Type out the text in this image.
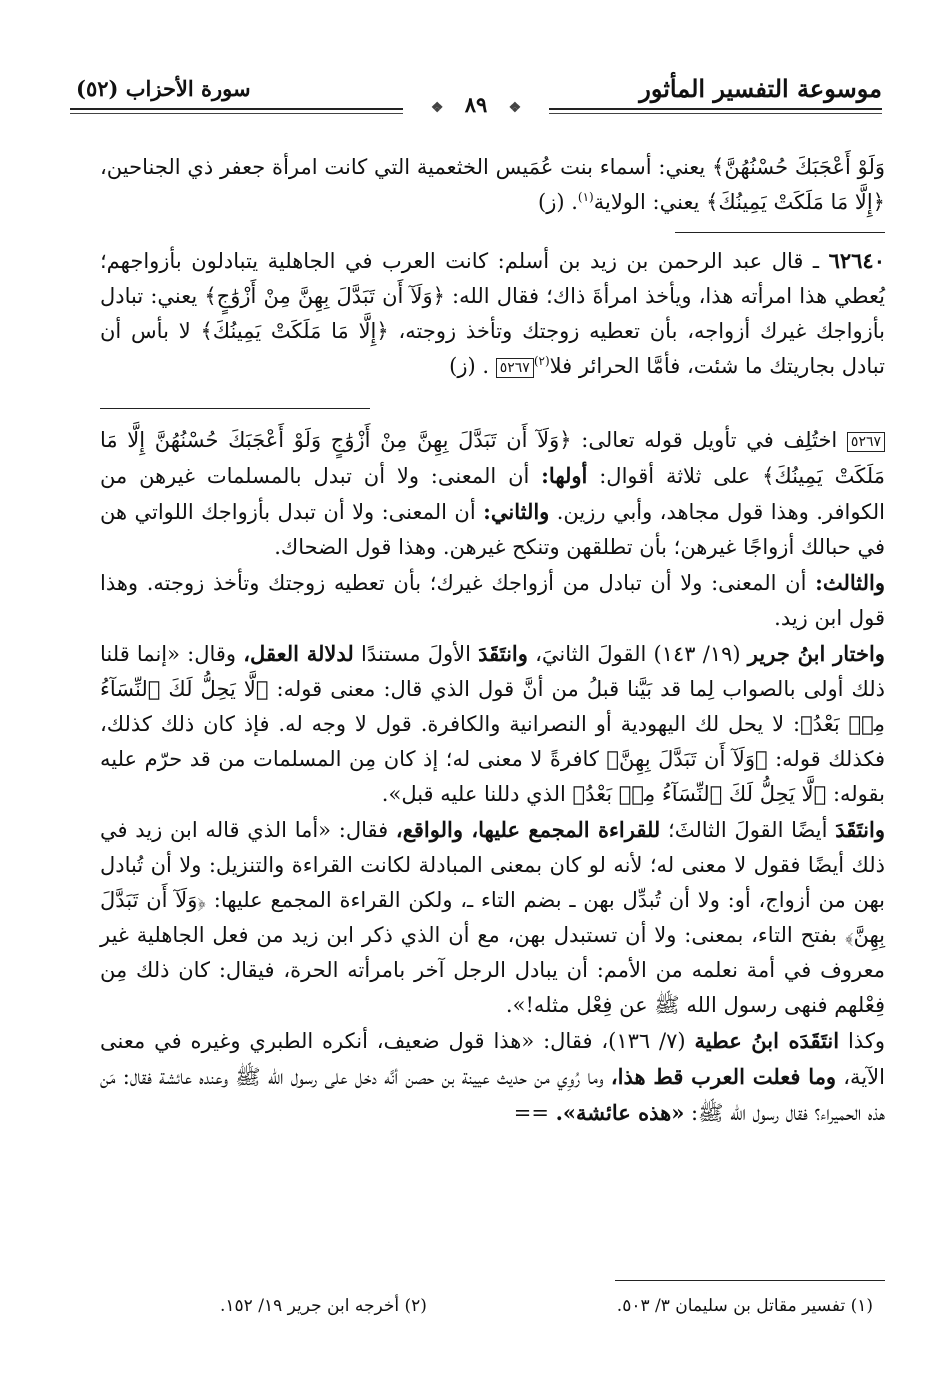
موسوعة التفسير المأثور
سورة الأحزاب (٥٢)
❖ ٨٩ ❖

وَلَوْ أَعْجَبَكَ حُسْنُهُنَّ﴾ يعني: أسماء بنت عُمَيس الخثعمية التي كانت امرأة جعفر ذي الجناحين، ﴿إِلَّا مَا مَلَكَتْ يَمِينُكَ﴾ يعني: الولاية$^{(١)}$. (ز)

٦٢٦٤٠ ـ قال عبد الرحمن بن زيد بن أسلم: كانت العرب في الجاهلية يتبادلون بأزواجهم؛ يُعطي هذا امرأته هذا، ويأخذ امرأةَ ذاك؛ فقال الله: ﴿وَلَآ أَن تَبَدَّلَ بِهِنَّ مِنْ أَزْوَٰجٍ﴾ يعني: تبادل بأزواجك غيرك أزواجه، بأن تعطيه زوجتك وتأخذ زوجته، ﴿إِلَّا مَا مَلَكَتْ يَمِينُكَ﴾ لا بأس أن تبادل بجاريتك ما شئت، فأمَّا الحرائر فلا$^{(٢)}$٥٢٦٧ . (ز)

٥٢٦٧ اختُلِف في تأويل قوله تعالى: ﴿وَلَآ أَن تَبَدَّلَ بِهِنَّ مِنْ أَزْوَٰجٍ وَلَوْ أَعْجَبَكَ حُسْنُهُنَّ إِلَّا مَا مَلَكَتْ يَمِينُكَ﴾ على ثلاثة أقوال: أولها: أن المعنى: ولا أن تبدل بالمسلمات غيرهن من الكوافر. وهذا قول مجاهد، وأبي رزين. والثاني: أن المعنى: ولا أن تبدل بأزواجك اللواتي هن في حبالك أزواجًا غيرهن؛ بأن تطلقهن وتنكح غيرهن. وهذا قول الضحاك.

والثالث: أن المعنى: ولا أن تبادل من أزواجك غيرك؛ بأن تعطيه زوجتك وتأخذ زوجته. وهذا قول ابن زيد.

واختار ابنُ جرير (١٩/ ١٤٣) القولَ الثانيَ، وانتَقَدَ الأولَ مستندًا لدلالة العقل، وقال: «إنما قلنا ذلك أولى بالصواب لِما قد بَيَّنا قبلُ من أنَّ قول الذي قال: معنى قوله: ﴿لَّا يَحِلُّ لَكَ ٱلنِّسَآءُ مِنۢ بَعْدُ﴾: لا يحل لك اليهودية أو النصرانية والكافرة. قول لا وجه له. فإذ كان ذلك كذلك، فكذلك قوله: ﴿وَلَآ أَن تَبَدَّلَ بِهِنَّ﴾ كافرةً لا معنى له؛ إذ كان مِن المسلمات من قد حرّم عليه بقوله: ﴿لَّا يَحِلُّ لَكَ ٱلنِّسَآءُ مِنۢ بَعْدُ﴾ الذي دللنا عليه قبل».

وانتَقَدَ أيضًا القولَ الثالثَ؛ للقراءة المجمع عليها، والواقع، فقال: «أما الذي قاله ابن زيد في ذلك أيضًا فقول لا معنى له؛ لأنه لو كان بمعنى المبادلة لكانت القراءة والتنزيل: ولا أن تُبادل بهن من أزواج، أو: ولا أن تُبدِّل بهن ـ بضم التاء ـ، ولكن القراءة المجمع عليها: ﴿وَلَآ أَن تَبَدَّلَ بِهِنَّ﴾ بفتح التاء، بمعنى: ولا أن تستبدل بهن، مع أن الذي ذكر ابن زيد من فعل الجاهلية غير معروف في أمة نعلمه من الأمم: أن يبادل الرجل آخر بامرأته الحرة، فيقال: كان ذلك مِن فِعْلهم فنهى رسول الله ﷺ عن فِعْل مثله!».

وكذا انتَقَدَه ابنُ عطية (٧/ ١٣٦)، فقال: «هذا قول ضعيف، أنكره الطبري وغيره في معنى الآية، وما فعلت العرب قط هذا، وما رُوِي من حديث عيينة بن حصن أنَّه دخل على رسول الله ﷺ وعنده عائشة فقال: مَن هذه الحميراء؟ فقال رسول الله ﷺ: «هذه عائشة». ==

(١) تفسير مقاتل بن سليمان ٣/ ٥٠٣.
(٢) أخرجه ابن جرير ١٩/ ١٥٢.
